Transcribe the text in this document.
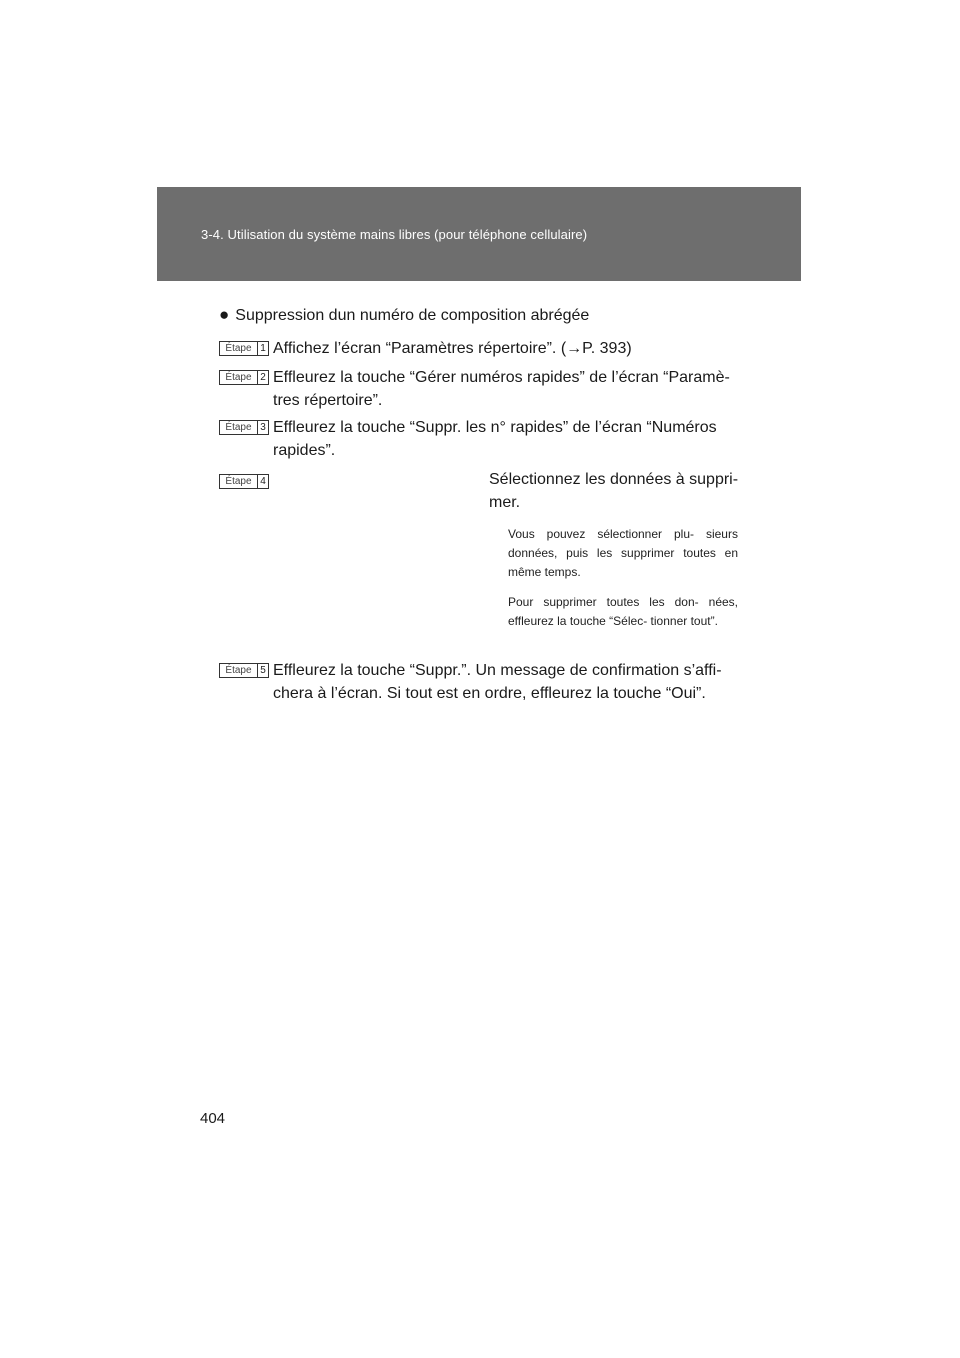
3-4. Utilisation du système mains libres (pour téléphone cellulaire)
● Suppression dun numéro de composition abrégée
Étape 1 Affichez l’écran “Paramètres répertoire”. (→P. 393)
Étape 2 Effleurez la touche “Gérer numéros rapides” de l’écran “Paramè-
tres répertoire”.
Étape 3 Effleurez la touche “Suppr. les n° rapides” de l’écran “Numéros
rapides”.
Étape 4	Sélectionnez les données à suppri- mer.
Vous pouvez sélectionner plu- sieurs données, puis les supprimer toutes en même temps.
Pour supprimer toutes les don- nées, effleurez la touche “Sélec- tionner tout”.
Étape 5 Effleurez la touche “Suppr.”. Un message de confirmation s’affi-
chera à l’écran. Si tout est en ordre, effleurez la touche “Oui”.
404
